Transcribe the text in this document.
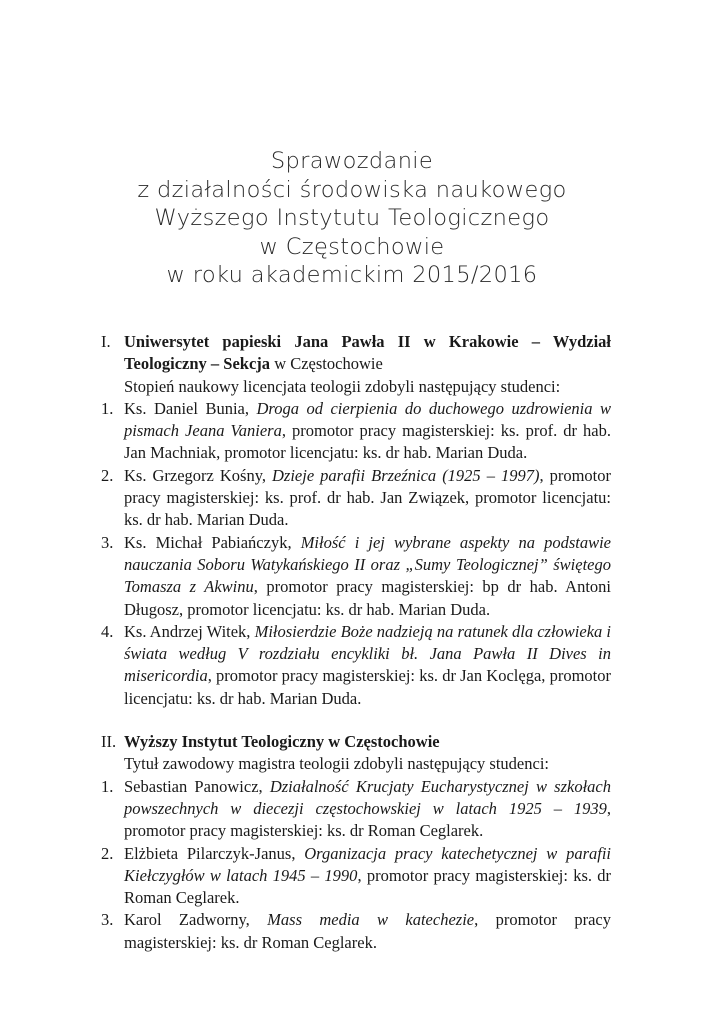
Sprawozdanie
z działalności środowiska naukowego
Wyższego Instytutu Teologicznego
w Częstochowie
w roku akademickim 2015/2016
I. Uniwersytet papieski Jana Pawła II w Krakowie – Wydział Teologiczny – Sekcja w Częstochowie
Stopień naukowy licencjata teologii zdobyli następujący studenci:
1. Ks. Daniel Bunia, Droga od cierpienia do duchowego uzdrowienia w pismach Jeana Vaniera, promotor pracy magisterskiej: ks. prof. dr hab. Jan Machniak, promotor licencjatu: ks. dr hab. Marian Duda.
2. Ks. Grzegorz Kośny, Dzieje parafii Brzeźnica (1925 – 1997), promotor pracy magisterskiej: ks. prof. dr hab. Jan Związek, promotor licencjatu: ks. dr hab. Marian Duda.
3. Ks. Michał Pabiańczyk, Miłość i jej wybrane aspekty na podstawie nauczania Soboru Watykańskiego II oraz „Sumy Teologicznej” świętego Tomasza z Akwinu, promotor pracy magisterskiej: bp dr hab. Antoni Długosz, promotor licencjatu: ks. dr hab. Marian Duda.
4. Ks. Andrzej Witek, Miłosierdzie Boże nadzieją na ratunek dla człowieka i świata według V rozdziału encykliki bł. Jana Pawła II Dives in misericordia, promotor pracy magisterskiej: ks. dr Jan Koclęga, promotor licencjatu: ks. dr hab. Marian Duda.
II. Wyższy Instytut Teologiczny w Częstochowie
Tytuł zawodowy magistra teologii zdobyli następujący studenci:
1. Sebastian Panowicz, Działalność Krucjaty Eucharystycznej w szkołach powszechnych w diecezji częstochowskiej w latach 1925 – 1939, promotor pracy magisterskiej: ks. dr Roman Ceglarek.
2. Elżbieta Pilarczyk-Janus, Organizacja pracy katechetycznej w parafii Kiełczygłów w latach 1945 – 1990, promotor pracy magisterskiej: ks. dr Roman Ceglarek.
3. Karol Zadworny, Mass media w katechezie, promotor pracy magisterskiej: ks. dr Roman Ceglarek.
